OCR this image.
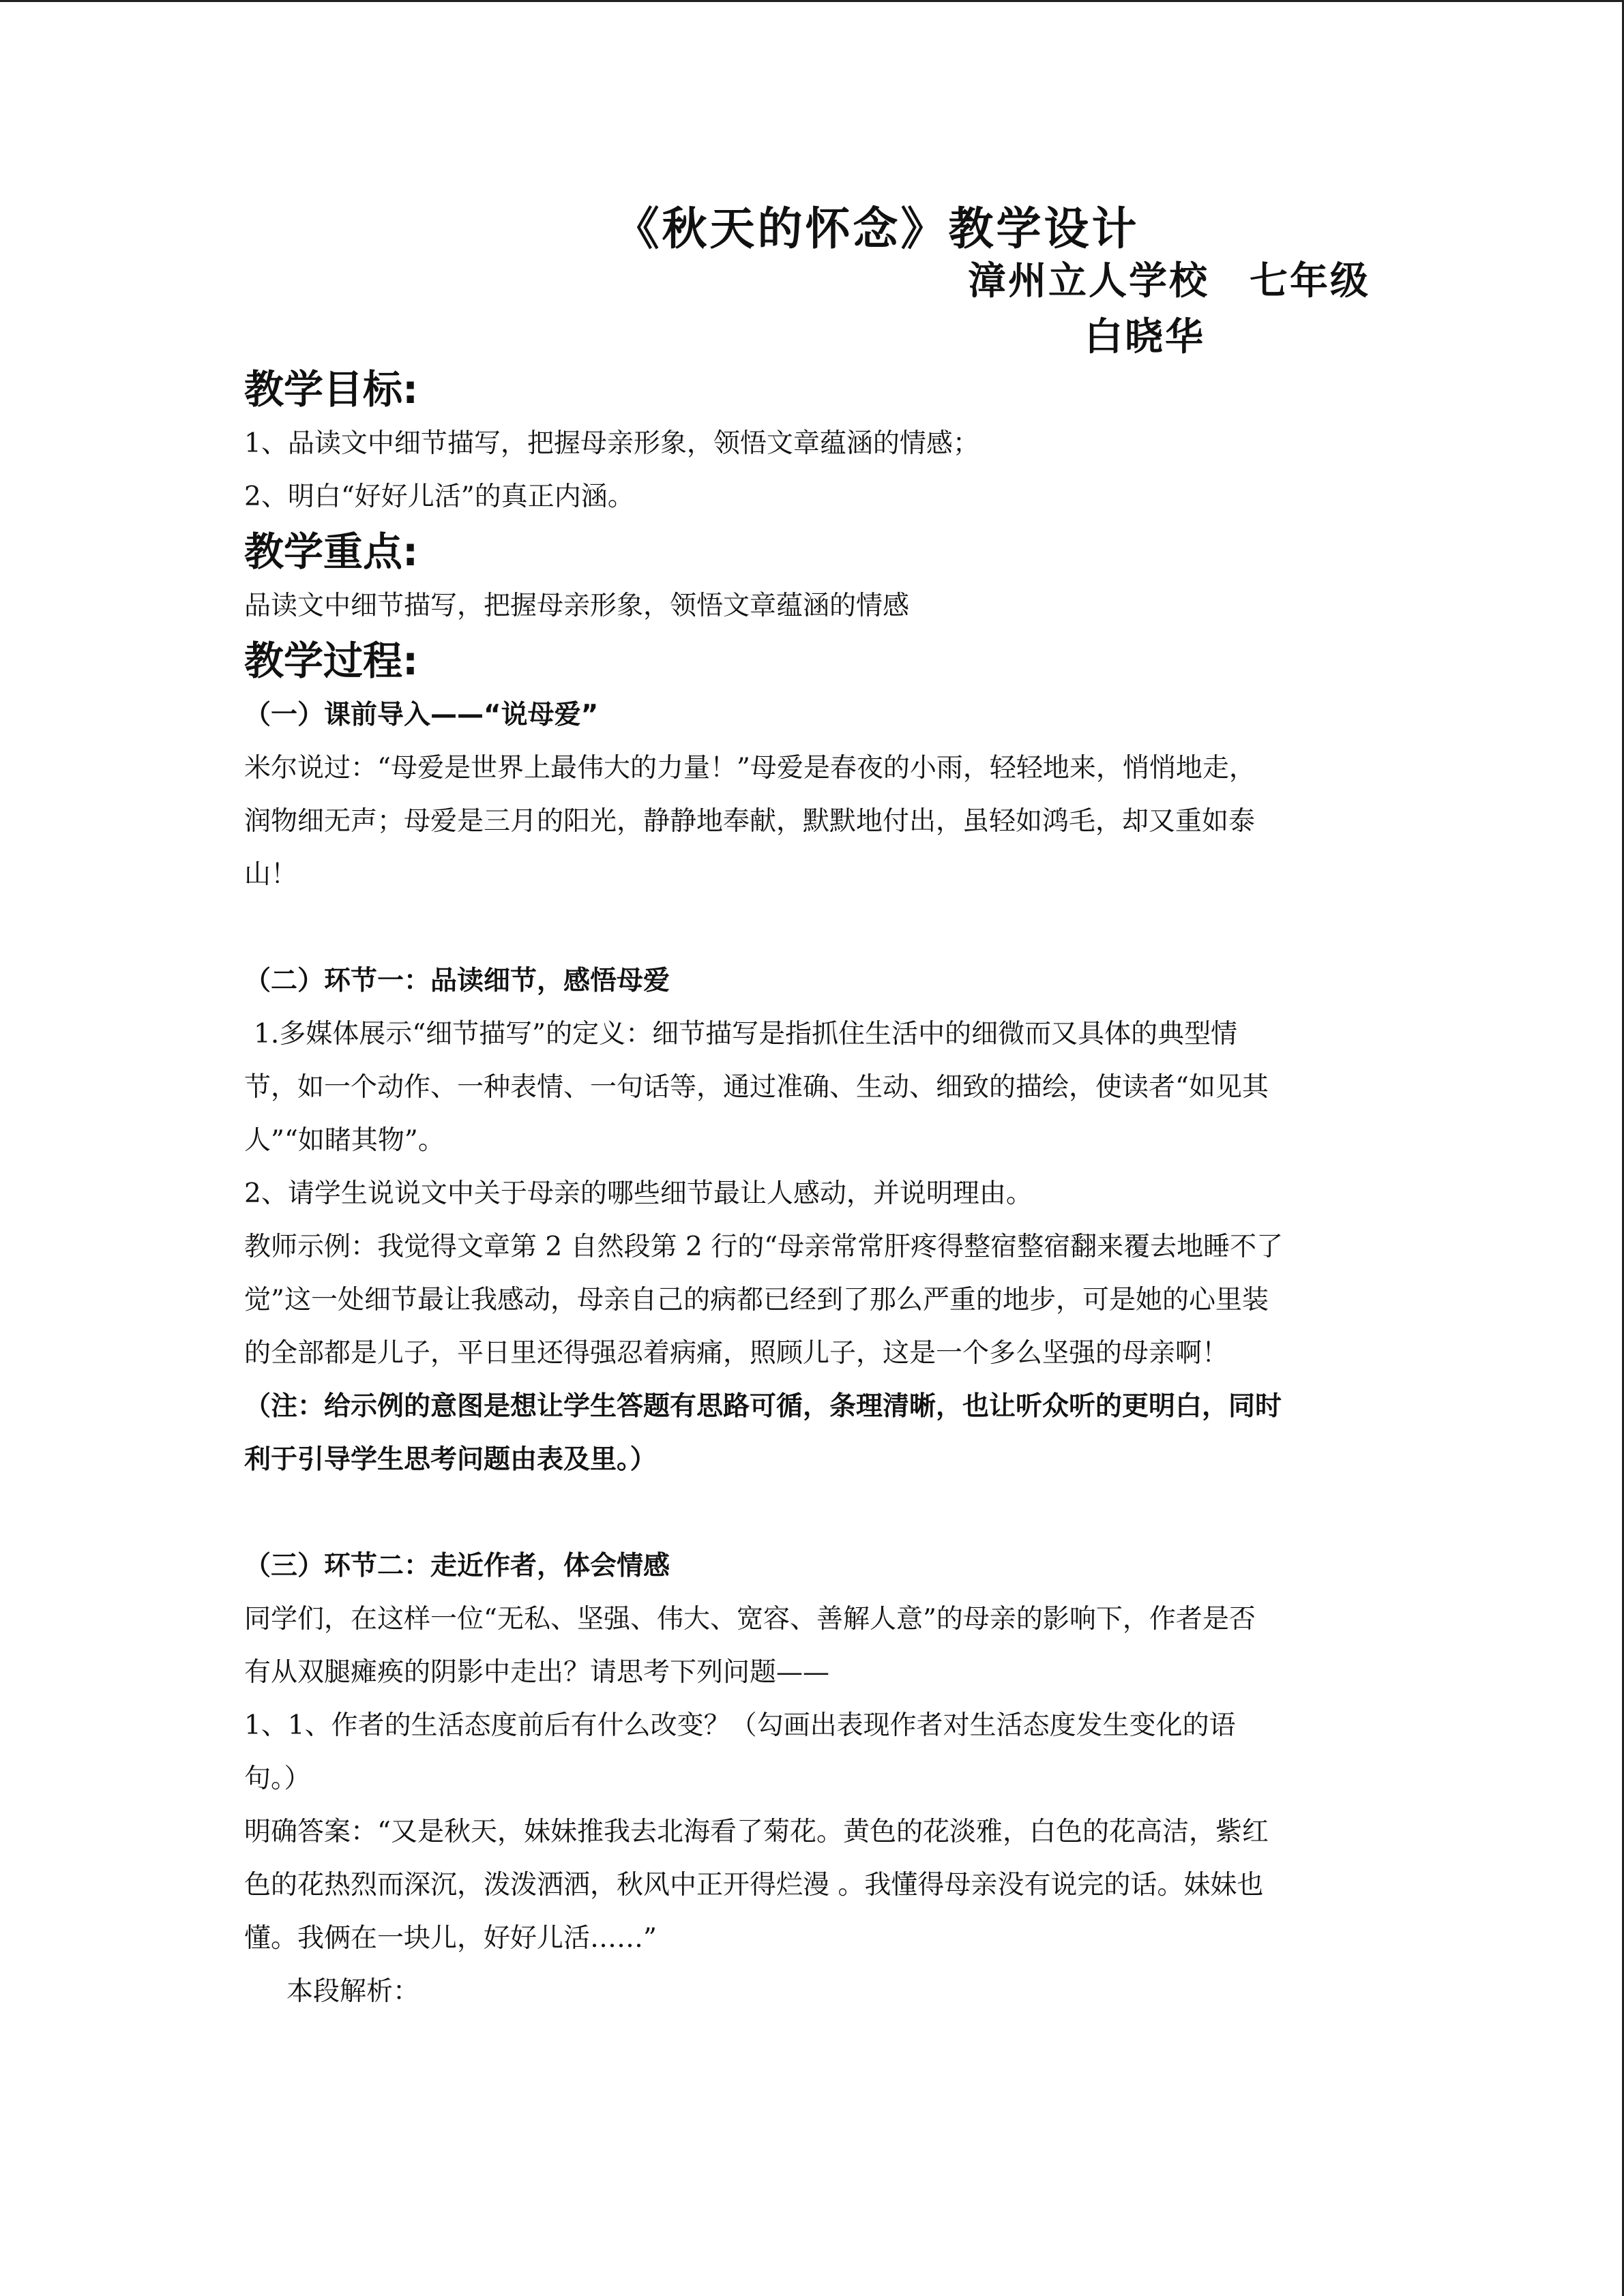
《秋天的怀念》教学设计
漳州立人学校　七年级
白晓华

教学目标:

1、品读文中细节描写，把握母亲形象，领悟文章蕴涵的情感；

2、明白“好好儿活”的真正内涵。

教学重点:

品读文中细节描写，把握母亲形象，领悟文章蕴涵的情感

教学过程:

（一）课前导入——“说母爱”

米尔说过：“母爱是世界上最伟大的力量！”母爱是春夜的小雨，轻轻地来，悄悄地走，

润物细无声；母爱是三月的阳光，静静地奉献，默默地付出，虽轻如鸿毛，却又重如泰

山！

（二）环节一：品读细节，感悟母爱

1.多媒体展示“细节描写”的定义：细节描写是指抓住生活中的细微而又具体的典型情

节，如一个动作、一种表情、一句话等，通过准确、生动、细致的描绘，使读者“如见其

人”“如睹其物”。

2、请学生说说文中关于母亲的哪些细节最让人感动，并说明理由。

教师示例：我觉得文章第 2 自然段第 2 行的“母亲常常肝疼得整宿整宿翻来覆去地睡不了

觉”这一处细节最让我感动，母亲自己的病都已经到了那么严重的地步，可是她的心里装

的全部都是儿子，平日里还得强忍着病痛，照顾儿子，这是一个多么坚强的母亲啊！

（注：给示例的意图是想让学生答题有思路可循，条理清晰，也让听众听的更明白，同时

利于引导学生思考问题由表及里。）

（三）环节二：走近作者，体会情感

同学们，在这样一位“无私、坚强、伟大、宽容、善解人意”的母亲的影响下，作者是否

有从双腿瘫痪的阴影中走出？请思考下列问题——

1、1、作者的生活态度前后有什么改变？（勾画出表现作者对生活态度发生变化的语

句。）

明确答案：“又是秋天，妹妹推我去北海看了菊花。黄色的花淡雅，白色的花高洁，紫红

色的花热烈而深沉，泼泼洒洒，秋风中正开得烂漫 。我懂得母亲没有说完的话。妹妹也

懂。我俩在一块儿，好好儿活……”

本段解析：
